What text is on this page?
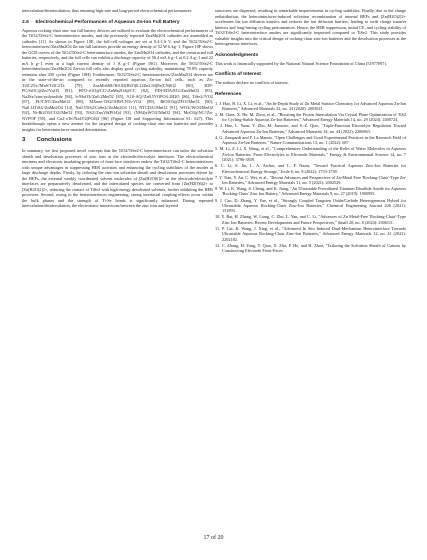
intercalation/deintercalation, thus ensuring high-rate and long-period electrochemical performances.

2.6 Electrochemical Performances of Aqueous Zn-Ion Full Battery

Aqueous rocking-chair zinc-ion full battery devices are utilized to evaluate the electrochemical performances of the TiO2/TiSe2-C heterointerface anodes, and the previously reported ZnxMn2O4 cathodes are assembled as cathodes [11]. As shown in Figure 10E, the full-cell voltages are set at 0.4-1.6 V, and the TiO2/TiSe2-C heterointerfaces//ZnxMn2O4 Zn-ion full batteries provide an energy density of 52 W h kg−1. Figure 10F shows the GCD curves of the TiO2/TiSe2-C heterointerface anodes, the ZnxMn2O4 cathodes, and the constructed full batteries, respectively, and the full cells can exhibit a discharge capacity of 56.4 mA h g−1 at 0.2 A g−1 and 22 mA h g−1 even at a high current density of 1 A g−1 (Figure 10G). Moreover, the TiO2/TiSe2-C heterointerfaces//ZnxMn2O4 Zn-ion full cells also display good cycling stability, maintaining 78.8% capacity retention after 350 cycles (Figure 10H). Furthermore, TiO2/TiSe2-C heterointerfaces//ZnxMn2O4 devices are in the state-of-the-art compared to recently reported aqueous Zn-ion full cells, such as Zn-Ti3C2Tx//MnS/Ti3C2Tx [79], ZnxMo6S8//K0.02(H2O)0.22Zn2.94[Fe(CN)6]2 [80], 3DP-PC/SiOC@Zn//VxO5 [81], HTO-rGO@CC//ZnMn2O4@CC [82], PDI-EDA/EG//ZnxMnO2 [83], Na2Sx//zinc-polyiodide [84], b-MoO3//Zn0.2MnO2 [85], 9,10-AQ//Zn0.5VOPO4·2H2O [86], TiSe2//VO2 [87], PI//CNT//ZnxMnO2 [88], MXene-TiS2//MWCNTs-VO2 [89], BiOIO3@ZFO//MnO2 [90], Na0.14TiS2//ZnMn2O4 [14], Na0.5TiS2/CuSe2//ZnMn2O4 [11], NTCDA//MnO2 [91], WO3//WO3/MnO2 [92], Ni-Bi2O3/CO2//MnO2 [93], TiS2//ZnxV6(PO4)4 [93], (NH4)xWO3//MnO2 [94], MoO3@NC//Zn-NVPOF [95], and Cu2-xTe//Na4V2(PO4)3 [96] (Figure 10I and Supporting Information S1: S27). This breakthrough opens a new avenue for the targeted design of rocking-chair zinc-ion batteries and provides insights for heterointerfaces-assisted deionization.

3 Conclusions

In summary, we first proposed novel concepts that the TiO2/TiSe2-C heterointerfaces can tailor the solvation sheath and desolvation processes of zinc ions at the electrode/electrolyte interfaces. The electrochemical inertness and electronic insulating properties of front-face interfaces endow the TiO2/TiSe2-C heterointerfaces with unique advantages in suppressing HER activities and enhancing the cycling stabilities of the anodes at large discharge depths. Firstly, by tailoring the zinc-ion solvation sheath and desolvation processes driven by the BEFs, the external weakly coordinated solvent molecules of [Zn(H2O)6]2+ in the electrode/electrolyte interfaces are preparatively desolvated, and the intercalated species are converted from [Zn(H2O)6]2+ to [Zn(H2O)2]2+, reducing the contact of TiSe2 with high-energy desolvated solvents, further inhibiting the HER processes. Second, owing to the heterointerfaces engineering, strong interfacial coupling effects occur within the bulk phases and the strength of Ti-Se bonds is significantly enhanced. During repeated intercalation/deintercalation, the electrostatic interactions between the zinc ions and layered

structures are dispersed, resulting in remarkable improvements in cycling stabilities. Finally, due to the charge redistribution, the heterointerfaces-induced solvation recombination of internal BEFs and [Zn(H2O)2]2+ accelerates the ion diffusion kinetics and reduces the ion diffusion barriers, leading to swift charge transfer kinetics and long-lasting cycling performances. Hence, the HER suppression, initial CE, and cycling stability of TiO2/TiSe2-C heterointerface anodes are significantly improved compared to TiSe2. This study provides valuable insights into the critical design of rocking-chair zinc-ion batteries and the desolvation processes at the heterogeneous interfaces.

Acknowledgments

This work is financially supported by the National Natural Science Foundation of China (51977097).

Conflicts of Interest

The authors declare no conflicts of interest.

References
1. J. Hao, B. Li, X. Li, et al., "An In-Depth Study of Zn Metal Surface Chemistry for Advanced Aqueous Zn-Ion Batteries," Advanced Materials 32, no. 34 (2020): 2003021.
2. M. Chen, X. He, M. Zhou, et al., "Boosting the Proton Intercalation Via Crystal Plane Optimization of TiS2 for Cycling-Stable Aqueous Zn-Ion Batteries," Advanced Energy Materials 14, no. 29 (2024): 2400724.
3. J. Hao, L. Yuan, Y. Zhu, M. Jaroniec, and S.-Z. Qiao, "Triple-Function Electrolyte Regulation Toward Advanced Aqueous Zn-Ion Batteries," Advanced Materials 34, no. 44 (2022): 2206963.
4. G. Zampardi and F. La Mantia, "Open Challenges and Good Experimental Practices in the Research Field of Aqueous Zn-Ion Batteries," Nature Communications 13, no. 1 (2022): 687.
5. M. Li, Z. Li, X. Wang, et al., "Comprehensive Understanding of the Roles of Water Molecules in Aqueous Zn-Ion Batteries: From Electrolytes to Electrode Materials," Energy & Environmental Science 14, no. 7 (2021): 3796-3839.
6. C. Li, S. Jin, L. A. Archer, and L. F. Nazar, "Toward Practical Aqueous Zinc-Ion Batteries for Electrochemical Energy Storage," Joule 6, no. 8 (2022): 1733-1738.
7. Y. Tian, Y. An, C. Wei, et al., "Recent Advances and Perspectives of Zn-Metal Free 'Rocking-Chair'-Type Zn-Ion Batteries," Advanced Energy Materials 11, no. 5 (2021): 2002529.
8. W. Li, K. Wang, S. Cheng, and K. Jiang, "An Ultrastable Presodiated Titanium Disulfide Anode for Aqueous 'Rocking-Chair' Zinc Ion Battery," Advanced Energy Materials 9, no. 27 (2019): 1900993.
9. J. Cao, D. Zhang, Y. Yue, et al., "Strongly Coupled Tungsten Oxide/Carbide Heterogeneous Hybrid for Ultrastable Aqueous Rocking-Chair Zinc-Ion Batteries," Chemical Engineering Journal 426 (2021): 131893.
10. Y. Bai, H. Zhang, W. Liang, C. Zhu, L. Yan, and C. Li, "Advances of Zn Metal-Free 'Rocking-Chair'-Type Zinc Ion Batteries: Recent Developments and Future Perspectives," Small 20, no. 8 (2024): 2306111.
11. P. Cai, K. Wang, J. Ning, et al., "Advanced In Situ Induced Dual-Mechanism Heterointerface Towards Ultrastable Aqueous Rocking-Chair Zinc-Ion Batteries," Advanced Energy Materials 12, no. 41 (2022): 2202182.
12. C. Zhang, H. Yang, Y. Qiao, X. Zhu, P. He, and H. Zhou, "Tailoring the Solvation Sheath of Cations by Constructing Electrode Front-Faces
17 of 20
